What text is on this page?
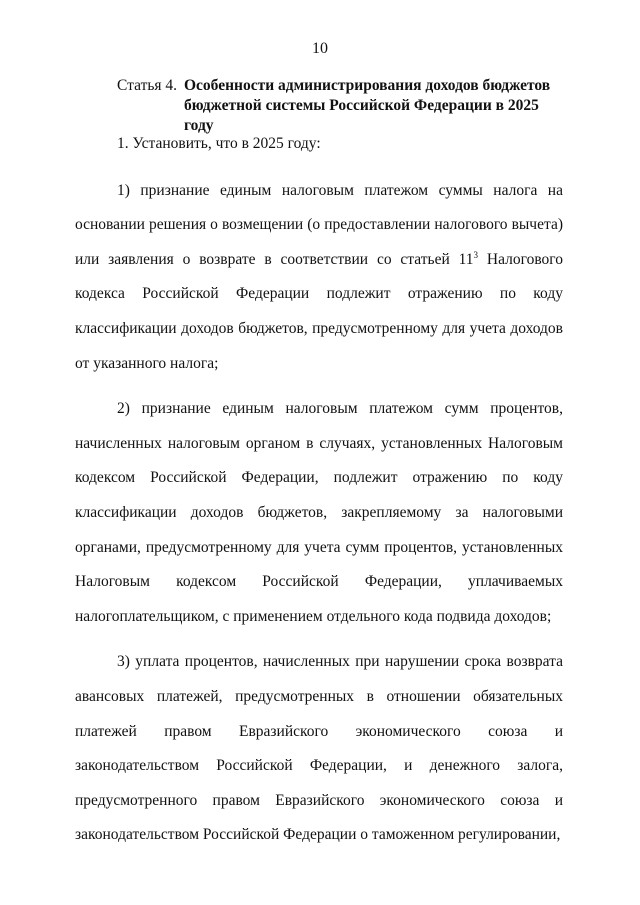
10
Статья 4. Особенности администрирования доходов бюджетов бюджетной системы Российской Федерации в 2025 году

1. Установить, что в 2025 году:

1) признание единым налоговым платежом суммы налога на основании решения о возмещении (о предоставлении налогового вычета) или заявления о возврате в соответствии со статьей $11^3$ Налогового кодекса Российской Федерации подлежит отражению по коду классификации доходов бюджетов, предусмотренному для учета доходов от указанного налога;

2) признание единым налоговым платежом сумм процентов, начисленных налоговым органом в случаях, установленных Налоговым кодексом Российской Федерации, подлежит отражению по коду классификации доходов бюджетов, закрепляемому за налоговыми органами, предусмотренному для учета сумм процентов, установленных Налоговым кодексом Российской Федерации, уплачиваемых налогоплательщиком, с применением отдельного кода подвида доходов;

3) уплата процентов, начисленных при нарушении срока возврата авансовых платежей, предусмотренных в отношении обязательных платежей правом Евразийского экономического союза и законодательством Российской Федерации, и денежного залога, предусмотренного правом Евразийского экономического союза и законодательством Российской Федерации о таможенном регулировании,
